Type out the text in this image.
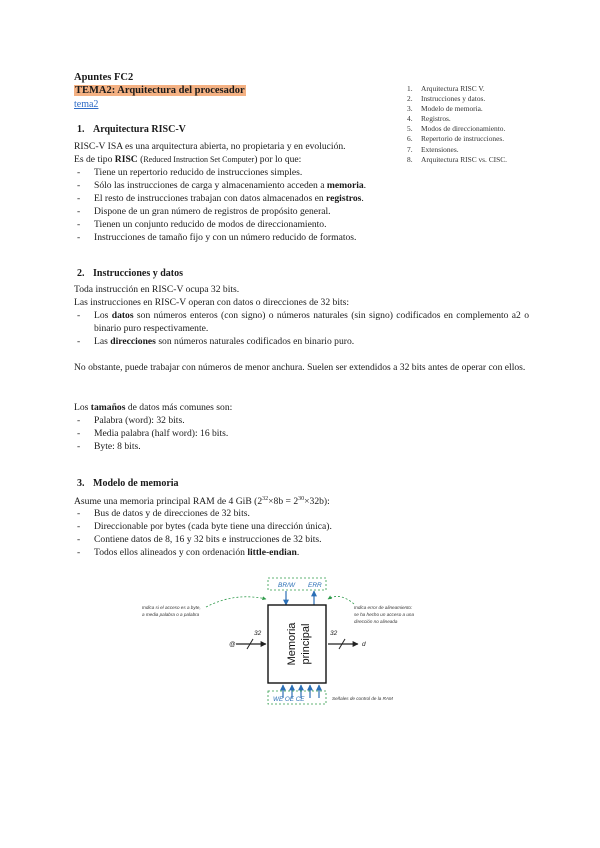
Apuntes FC2
TEMA2: Arquitectura del procesador
tema2
1. Arquitectura RISC V.
2. Instrucciones y datos.
3. Modelo de memoria.
4. Registros.
5. Modos de direccionamiento.
6. Repertorio de instrucciones.
7. Extensiones.
8. Arquitectura RISC vs. CISC.
1. Arquitectura RISC-V

RISC-V ISA es una arquitectura abierta, no propietaria y en evolución.

Es de tipo RISC (Reduced Instruction Set Computer) por lo que:

- Tiene un repertorio reducido de instrucciones simples.
- Sólo las instrucciones de carga y almacenamiento acceden a memoria.
- El resto de instrucciones trabajan con datos almacenados en registros.
- Dispone de un gran número de registros de propósito general.
- Tienen un conjunto reducido de modos de direccionamiento.
- Instrucciones de tamaño fijo y con un número reducido de formatos.
2. Instrucciones y datos

Toda instrucción en RISC-V ocupa 32 bits.

Las instrucciones en RISC-V operan con datos o direcciones de 32 bits:

- Los datos son números enteros (con signo) o números naturales (sin signo) codificados en complemento a2 o binario puro respectivamente.
- Las direcciones son números naturales codificados en binario puro.
No obstante, puede trabajar con números de menor anchura. Suelen ser extendidos a 32 bits antes de operar con ellos.
Los tamaños de datos más comunes son:
- Palabra (word): 32 bits.
- Media palabra (half word): 16 bits.
- Byte: 8 bits.
3. Modelo de memoria
Asume una memoria principal RAM de 4 GiB $(2^{32}\times 8b = 2^{30}\times 32b)$:
- Bus de datos y de direcciones de 32 bits.
- Direccionable por bytes (cada byte tiene una dirección única).
- Contiene datos de 8, 16 y 32 bits e instrucciones de 32 bits.
- Todos ellos alineados y con ordenación little-endian.
BR/W ERR
Memoria principal
@
32	32
d
WE OE CE
Indica si el acceso es a byte,
a media palabra o a palabra
Indica error de alineamiento:
se ha hecho un acceso a una
dirección no alineada
Señales de control de la RAM
